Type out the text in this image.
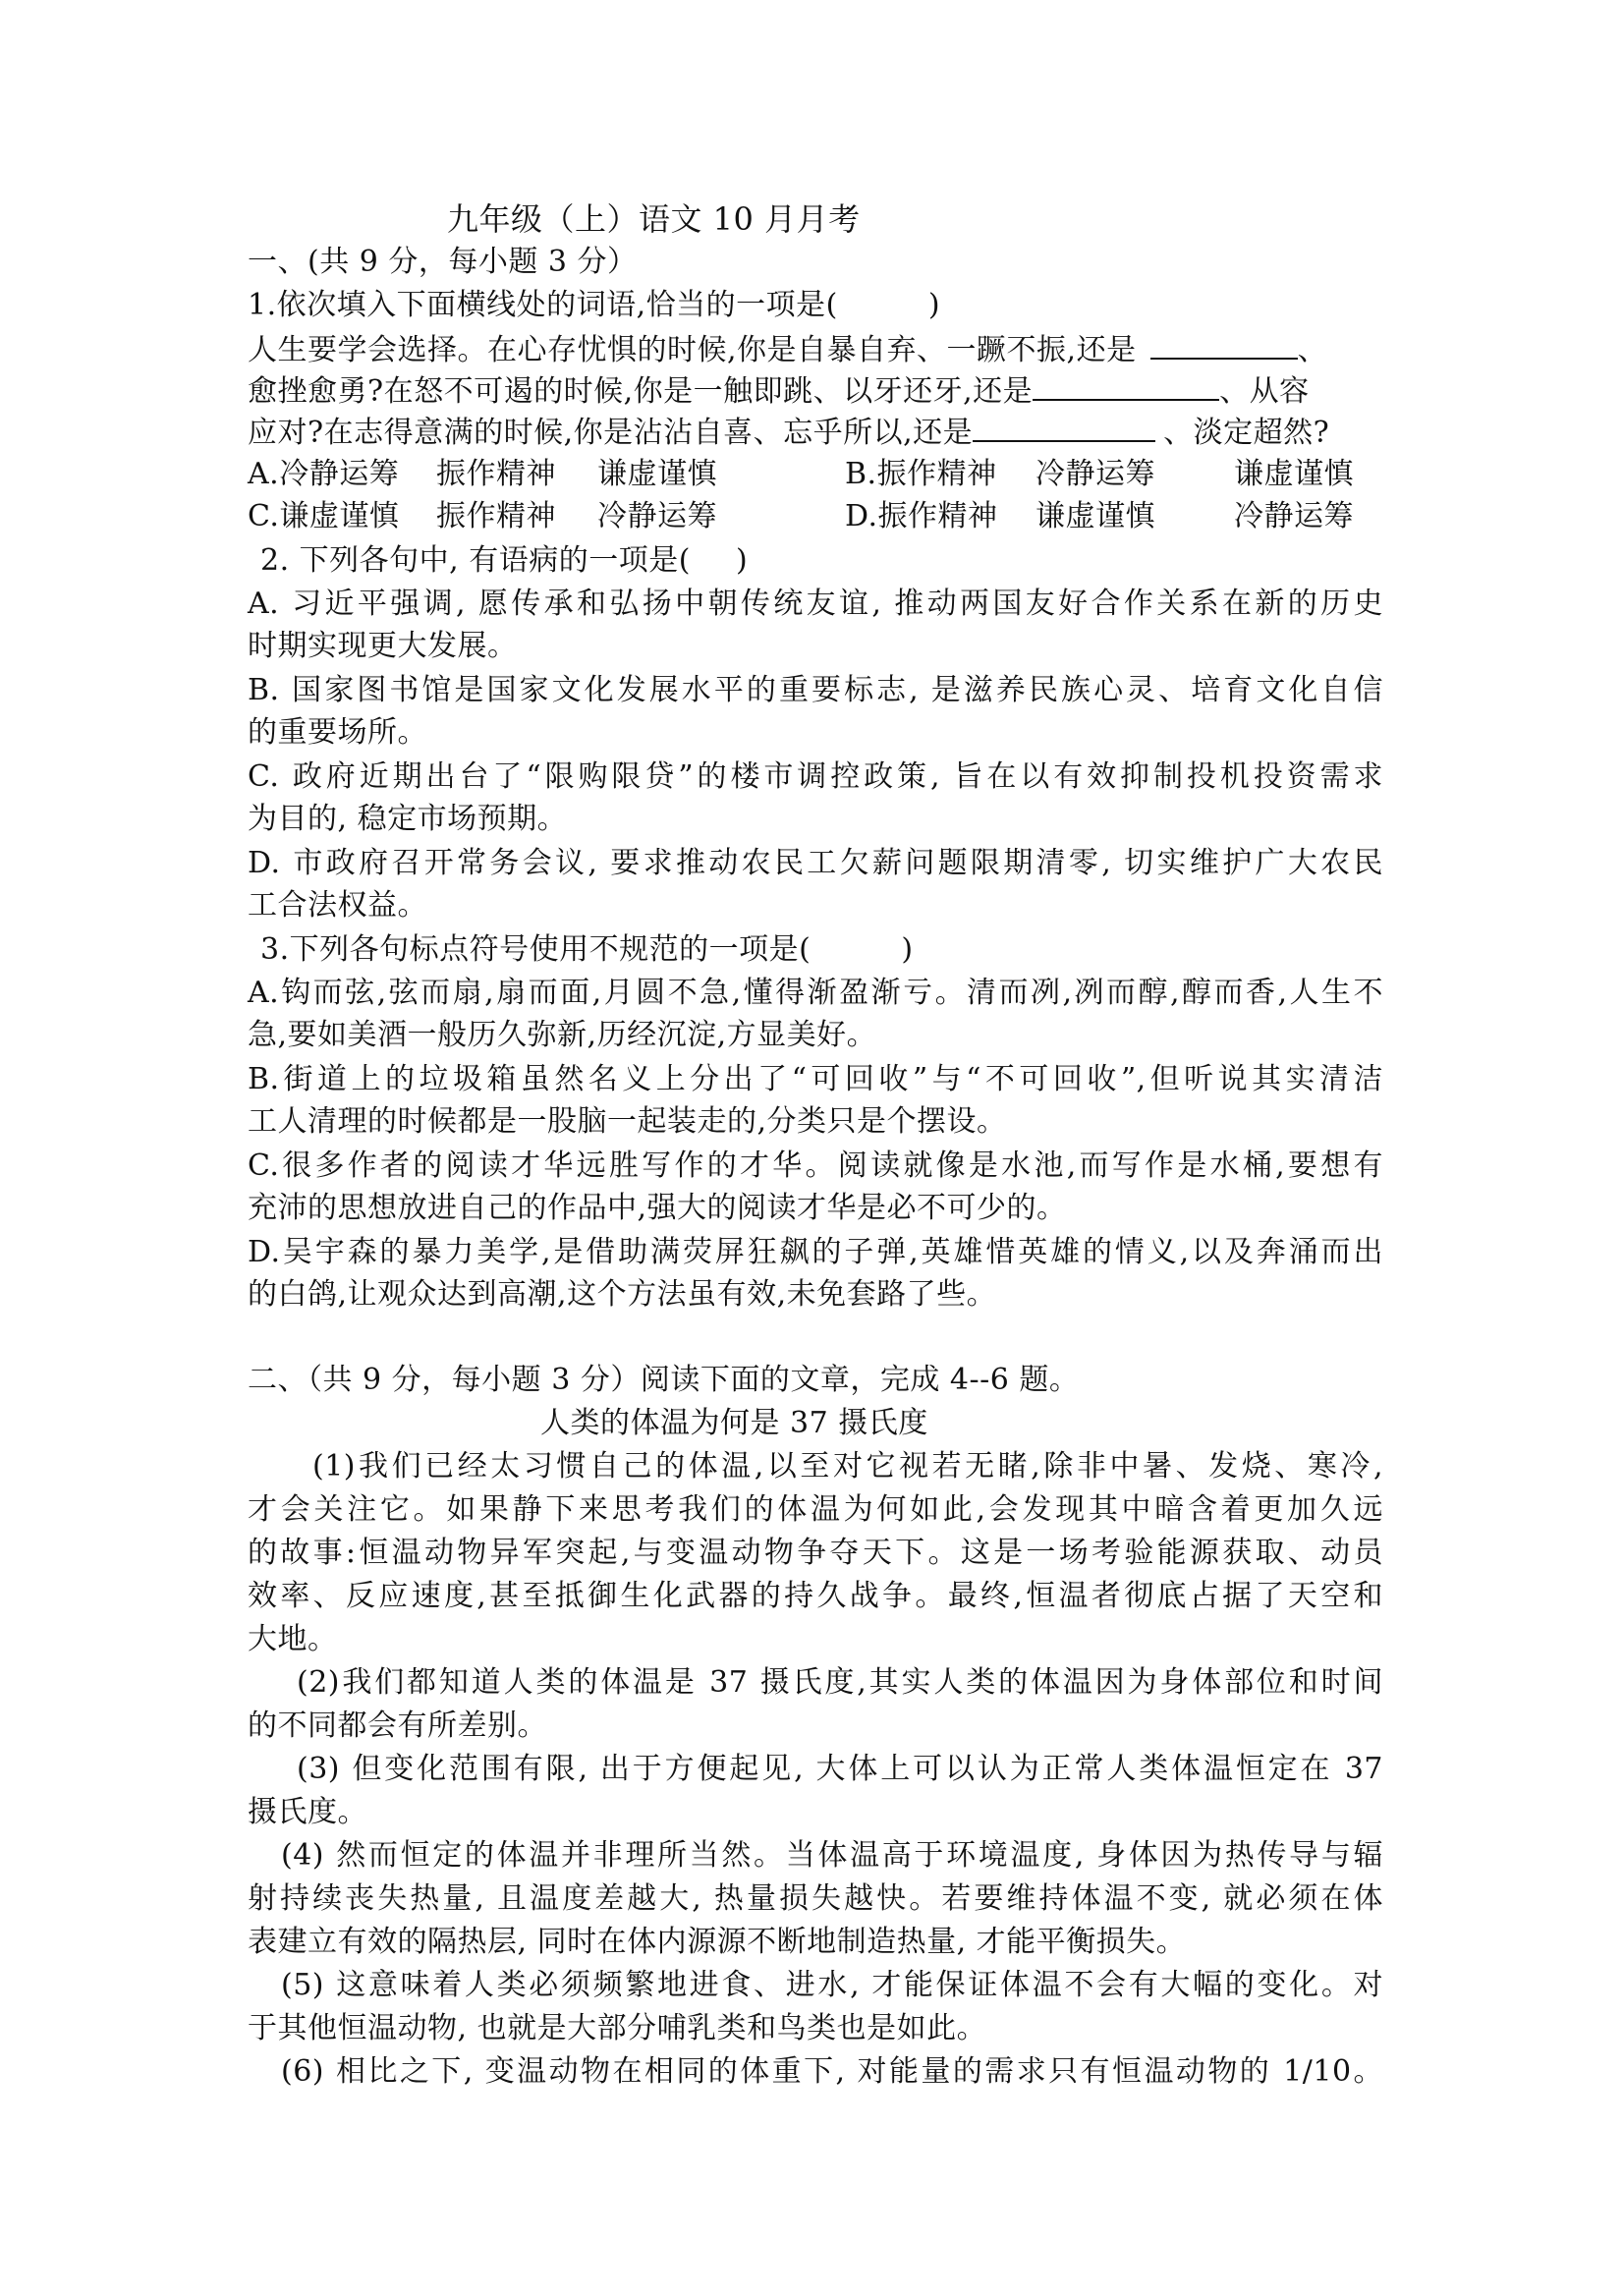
九年级（上）语文 10 月月考
一、(共 9 分，每小题 3 分）
1.依次填入下面横线处的词语,恰当的一项是(	)
人生要学会选择。在心存忧惧的时候,你是自暴自弃、一蹶不振,还是	、
愈挫愈勇?在怒不可遏的时候,你是一触即跳、以牙还牙,还是	、从容
应对?在志得意满的时候,你是沾沾自喜、忘乎所以,还是	、淡定超然?
A.冷静运筹 振作精神 谦虚谨慎	B.振作精神 冷静运筹	谦虚谨慎
C.谦虚谨慎 振作精神 冷静运筹	D.振作精神 谦虚谨慎	冷静运筹
2. 下列各句中, 有语病的一项是( )
A. 习近平强调, 愿传承和弘扬中朝传统友谊, 推动两国友好合作关系在新的历史
时期实现更大发展。
B. 国家图书馆是国家文化发展水平的重要标志, 是滋养民族心灵、培育文化自信
的重要场所。
C. 政府近期出台了“限购限贷”的楼市调控政策, 旨在以有效抑制投机投资需求
为目的, 稳定市场预期。
D. 市政府召开常务会议, 要求推动农民工欠薪问题限期清零, 切实维护广大农民
工合法权益。
3.下列各句标点符号使用不规范的一项是(	)
A.钩而弦,弦而扇,扇而面,月圆不急,懂得渐盈渐亏。清而冽,冽而醇,醇而香,人生不
急,要如美酒一般历久弥新,历经沉淀,方显美好。
B.街道上的垃圾箱虽然名义上分出了“可回收”与“不可回收”,但听说其实清洁
工人清理的时候都是一股脑一起装走的,分类只是个摆设。
C.很多作者的阅读才华远胜写作的才华。阅读就像是水池,而写作是水桶,要想有
充沛的思想放进自己的作品中,强大的阅读才华是必不可少的。
D.吴宇森的暴力美学,是借助满荧屏狂飙的子弹,英雄惜英雄的情义,以及奔涌而出
的白鸽,让观众达到高潮,这个方法虽有效,未免套路了些。
二、（共 9 分，每小题 3 分）阅读下面的文章，完成 4--6 题。
人类的体温为何是 37 摄氏度
(1)我们已经太习惯自己的体温,以至对它视若无睹,除非中暑、发烧、寒冷,
才会关注它。如果静下来思考我们的体温为何如此,会发现其中暗含着更加久远
的故事:恒温动物异军突起,与变温动物争夺天下。这是一场考验能源获取、动员
效率、反应速度,甚至抵御生化武器的持久战争。最终,恒温者彻底占据了天空和
大地。
(2)我们都知道人类的体温是 37 摄氏度,其实人类的体温因为身体部位和时间
的不同都会有所差别。
(3) 但变化范围有限, 出于方便起见, 大体上可以认为正常人类体温恒定在 37
摄氏度。
(4) 然而恒定的体温并非理所当然。当体温高于环境温度, 身体因为热传导与辐
射持续丧失热量, 且温度差越大, 热量损失越快。若要维持体温不变, 就必须在体
表建立有效的隔热层, 同时在体内源源不断地制造热量, 才能平衡损失。
(5) 这意味着人类必须频繁地进食、进水, 才能保证体温不会有大幅的变化。对
于其他恒温动物, 也就是大部分哺乳类和鸟类也是如此。
(6) 相比之下, 变温动物在相同的体重下, 对能量的需求只有恒温动物的 1/10。
